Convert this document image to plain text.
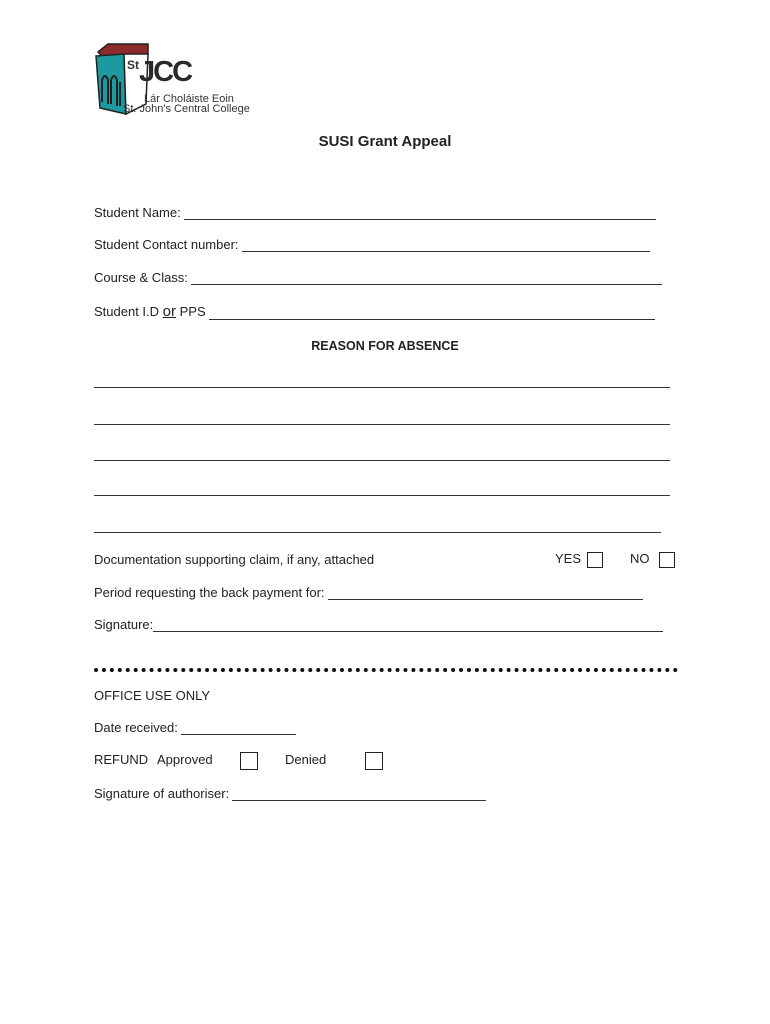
St JCC
Lár Choláiste Eoin
St. John's Central College
SUSI Grant Appeal
Student Name:
Student Contact number:
Course & Class:
Student I.D or PPS
REASON FOR ABSENCE
Documentation supporting claim, if any, attached	YES	NO
Period requesting the back payment for:
Signature:
OFFICE USE ONLY
Date received:
REFUND Approved	Denied
Signature of authoriser:
